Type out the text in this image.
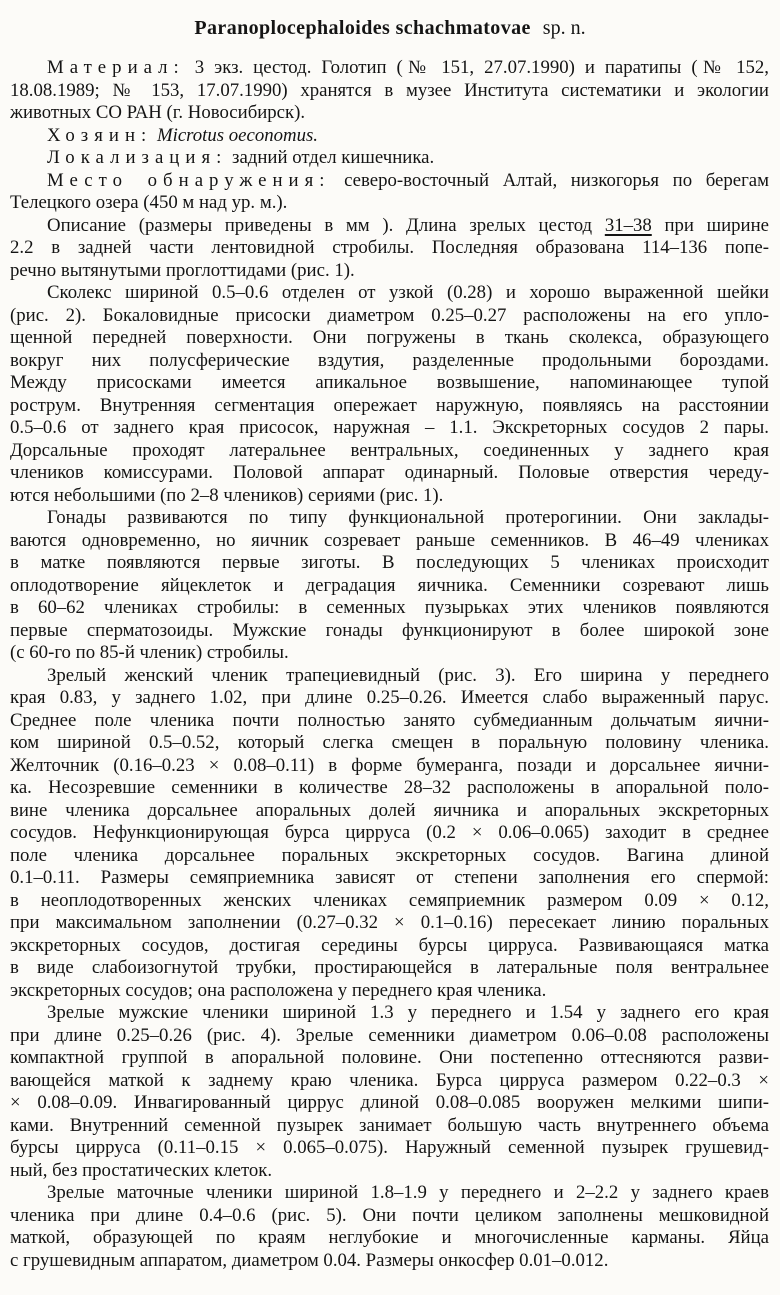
Paranoplocephaloides schachmatovae sp. n.
Материал: 3 экз. цестод. Голотип (№ 151, 27.07.1990) и паратипы (№ 152,
18.08.1989; № 153, 17.07.1990) хранятся в музее Института систематики и экологии
животных СО РАН (г. Новосибирск).
Хозяин: Microtus oeconomus.
Локализация: задний отдел кишечника.
Место обнаружения: северо-восточный Алтай, низкогорья по берегам
Телецкого озера (450 м над ур. м.).
Описание (размеры приведены в мм ). Длина зрелых цестод 31–38 при ширине
2.2 в задней части лентовидной стробилы. Последняя образована 114–136 попе-
речно вытянутыми проглоттидами (рис. 1).
Сколекс шириной 0.5–0.6 отделен от узкой (0.28) и хорошо выраженной шейки
(рис. 2). Бокаловидные присоски диаметром 0.25–0.27 расположены на его упло-
щенной передней поверхности. Они погружены в ткань сколекса, образующего
вокруг них полусферические вздутия, разделенные продольными бороздами.
Между присосками имеется апикальное возвышение, напоминающее тупой
рострум. Внутренняя сегментация опережает наружную, появляясь на расстоянии
0.5–0.6 от заднего края присосок, наружная – 1.1. Экскреторных сосудов 2 пары.
Дорсальные проходят латеральнее вентральных, соединенных у заднего края
члеников комиссурами. Половой аппарат одинарный. Половые отверстия череду-
ются небольшими (по 2–8 члеников) сериями (рис. 1).
Гонады развиваются по типу функциональной протерогинии. Они заклады-
ваются одновременно, но яичник созревает раньше семенников. В 46–49 члениках
в матке появляются первые зиготы. В последующих 5 члениках происходит
оплодотворение яйцеклеток и деградация яичника. Семенники созревают лишь
в 60–62 члениках стробилы: в семенных пузырьках этих члеников появляются
первые сперматозоиды. Мужские гонады функционируют в более широкой зоне
(с 60-го по 85-й членик) стробилы.
Зрелый женский членик трапециевидный (рис. 3). Его ширина у переднего
края 0.83, у заднего 1.02, при длине 0.25–0.26. Имеется слабо выраженный парус.
Среднее поле членика почти полностью занято субмедианным дольчатым яични-
ком шириной 0.5–0.52, который слегка смещен в поральную половину членика.
Желточник (0.16–0.23 × 0.08–0.11) в форме бумеранга, позади и дорсальнее яични-
ка. Несозревшие семенники в количестве 28–32 расположены в апоральной поло-
вине членика дорсальнее апоральных долей яичника и апоральных экскреторных
сосудов. Нефункционирующая бурса цирруса (0.2 × 0.06–0.065) заходит в среднее
поле членика дорсальнее поральных экскреторных сосудов. Вагина длиной
0.1–0.11. Размеры семяприемника зависят от степени заполнения его спермой:
в неоплодотворенных женских члениках семяприемник размером 0.09 × 0.12,
при максимальном заполнении (0.27–0.32 × 0.1–0.16) пересекает линию поральных
экскреторных сосудов, достигая середины бурсы цирруса. Развивающаяся матка
в виде слабоизогнутой трубки, простирающейся в латеральные поля вентральнее
экскреторных сосудов; она расположена у переднего края членика.
Зрелые мужские членики шириной 1.3 у переднего и 1.54 у заднего его края
при длине 0.25–0.26 (рис. 4). Зрелые семенники диаметром 0.06–0.08 расположены
компактной группой в апоральной половине. Они постепенно оттесняются разви-
вающейся маткой к заднему краю членика. Бурса цирруса размером 0.22–0.3 ×
× 0.08–0.09. Инвагированный циррус длиной 0.08–0.085 вооружен мелкими шипи-
ками. Внутренний семенной пузырек занимает большую часть внутреннего объема
бурсы цирруса (0.11–0.15 × 0.065–0.075). Наружный семенной пузырек грушевид-
ный, без простатических клеток.
Зрелые маточные членики шириной 1.8–1.9 у переднего и 2–2.2 у заднего краев
членика при длине 0.4–0.6 (рис. 5). Они почти целиком заполнены мешковидной
маткой, образующей по краям неглубокие и многочисленные карманы. Яйца
с грушевидным аппаратом, диаметром 0.04. Размеры онкосфер 0.01–0.012.
